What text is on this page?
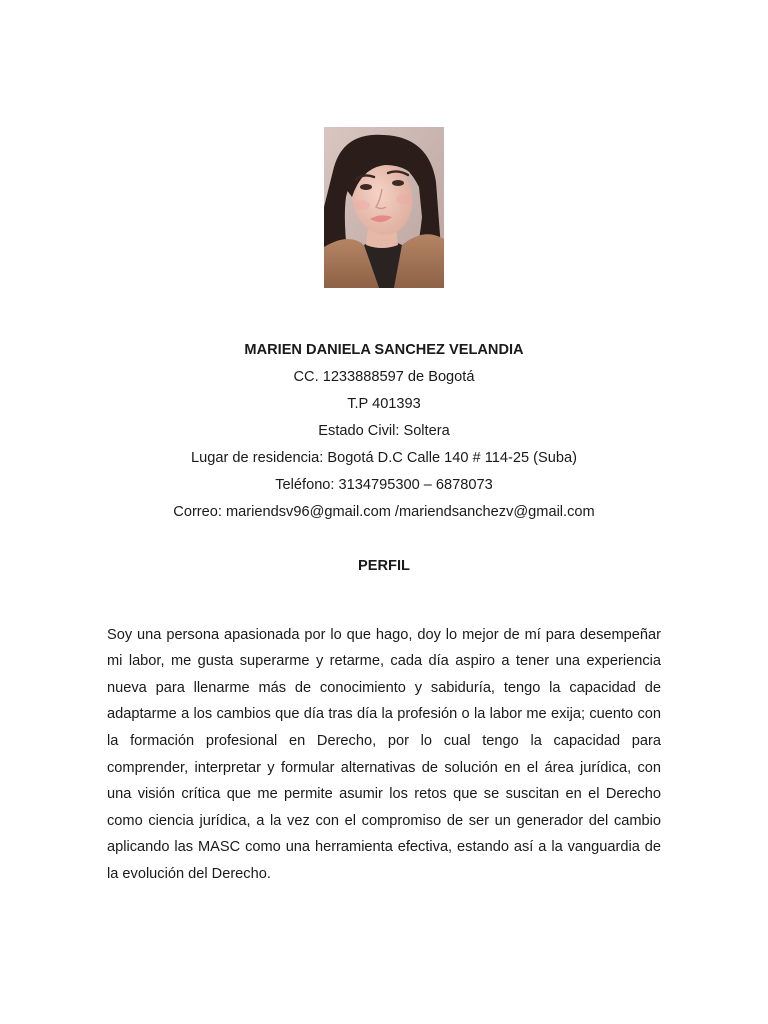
MARIEN DANIELA SANCHEZ VELANDIA
CC. 1233888597 de Bogotá
T.P 401393
Estado Civil: Soltera
Lugar de residencia: Bogotá D.C Calle 140 # 114-25 (Suba)
Teléfono: 3134795300 – 6878073
Correo: mariendsv96@gmail.com /mariendsanchezv@gmail.com
PERFIL

Soy una persona apasionada por lo que hago, doy lo mejor de mí para desempeñar mi labor, me gusta superarme y retarme, cada día aspiro a tener una experiencia nueva para llenarme más de conocimiento y sabiduría, tengo la capacidad de adaptarme a los cambios que día tras día la profesión o la labor me exija; cuento con la formación profesional en Derecho, por lo cual tengo la capacidad para comprender, interpretar y formular alternativas de solución en el área jurídica, con una visión crítica que me permite asumir los retos que se suscitan en el Derecho como ciencia jurídica, a la vez con el compromiso de ser un generador del cambio aplicando las MASC como una herramienta efectiva, estando así a la vanguardia de la evolución del Derecho.
